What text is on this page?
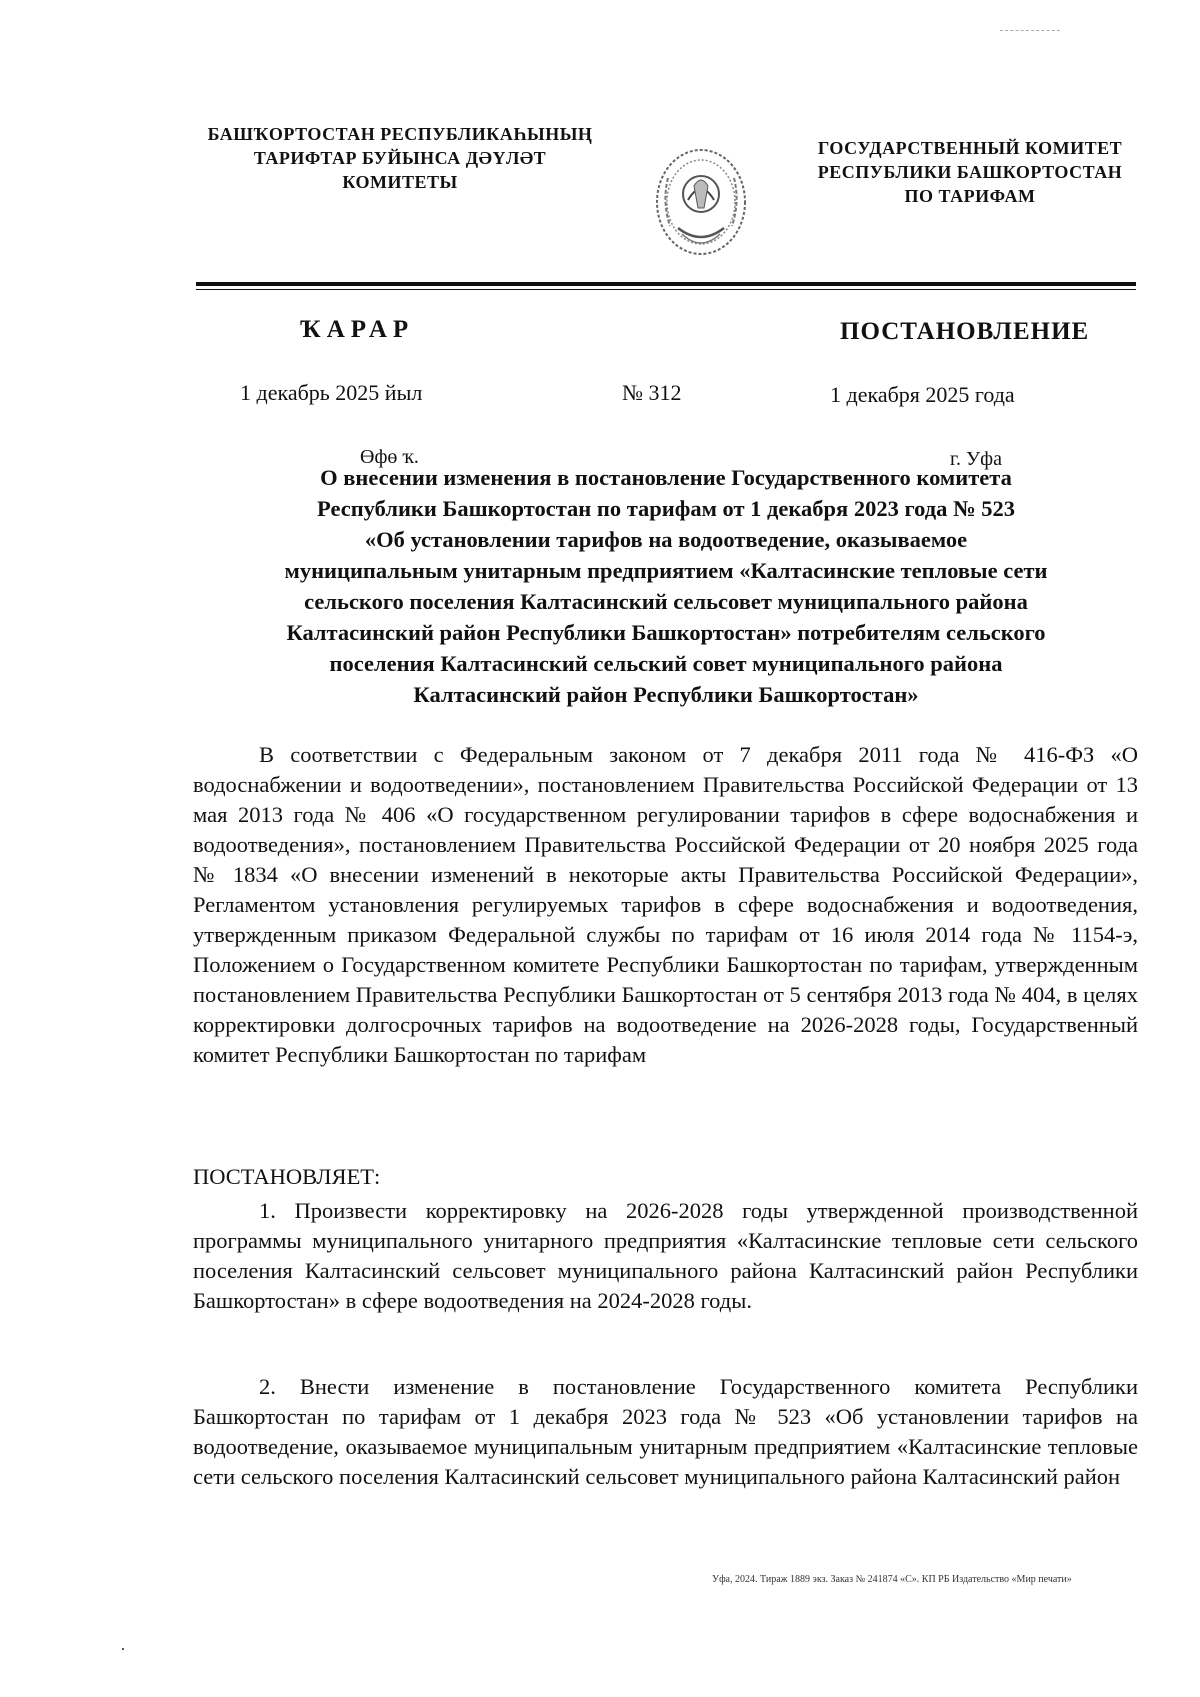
БАШҠОРТОСТАН РЕСПУБЛИКАҺЫНЫҢ
ТАРИФТАР БУЙЫНСА ДӘҮЛӘТ
КОМИТЕТЫ
ГОСУДАРСТВЕННЫЙ КОМИТЕТ
РЕСПУБЛИКИ БАШКОРТОСТАН
ПО ТАРИФАМ
ҠАРАР	ПОСТАНОВЛЕНИЕ
1 декабрь 2025 йыл	№ 312	1 декабря 2025 года
Өфө ҡ.	г. Уфа
О внесении изменения в постановление Государственного комитета
Республики Башкортостан по тарифам от 1 декабря 2023 года № 523
«Об установлении тарифов на водоотведение, оказываемое
муниципальным унитарным предприятием «Калтасинские тепловые сети
сельского поселения Калтасинский сельсовет муниципального района
Калтасинский район Республики Башкортостан» потребителям сельского
поселения Калтасинский сельский совет муниципального района
Калтасинский район Республики Башкортостан»
В соответствии с Федеральным законом от 7 декабря 2011 года № 416-ФЗ «О водоснабжении и водоотведении», постановлением Правительства Российской Федерации от 13 мая 2013 года № 406 «О государственном регулировании тарифов в сфере водоснабжения и водоотведения», постановлением Правительства Российской Федерации от 20 ноября 2025 года № 1834 «О внесении изменений в некоторые акты Правительства Российской Федерации», Регламентом установления регулируемых тарифов в сфере водоснабжения и водоотведения, утвержденным приказом Федеральной службы по тарифам от 16 июля 2014 года № 1154-э, Положением о Государственном комитете Республики Башкортостан по тарифам, утвержденным постановлением Правительства Республики Башкортостан от 5 сентября 2013 года № 404, в целях корректировки долгосрочных тарифов на водоотведение на 2026-2028 годы, Государственный комитет Республики Башкортостан по тарифам
ПОСТАНОВЛЯЕТ:
1. Произвести корректировку на 2026-2028 годы утвержденной производственной программы муниципального унитарного предприятия «Калтасинские тепловые сети сельского поселения Калтасинский сельсовет муниципального района Калтасинский район Республики Башкортостан» в сфере водоотведения на 2024-2028 годы.
2. Внести изменение в постановление Государственного комитета Республики Башкортостан по тарифам от 1 декабря 2023 года № 523 «Об установлении тарифов на водоотведение, оказываемое муниципальным унитарным предприятием «Калтасинские тепловые сети сельского поселения Калтасинский сельсовет муниципального района Калтасинский район
Уфа, 2024. Тираж 1889 экз. Заказ № 241874 «С». КП РБ Издательство «Мир печати»
